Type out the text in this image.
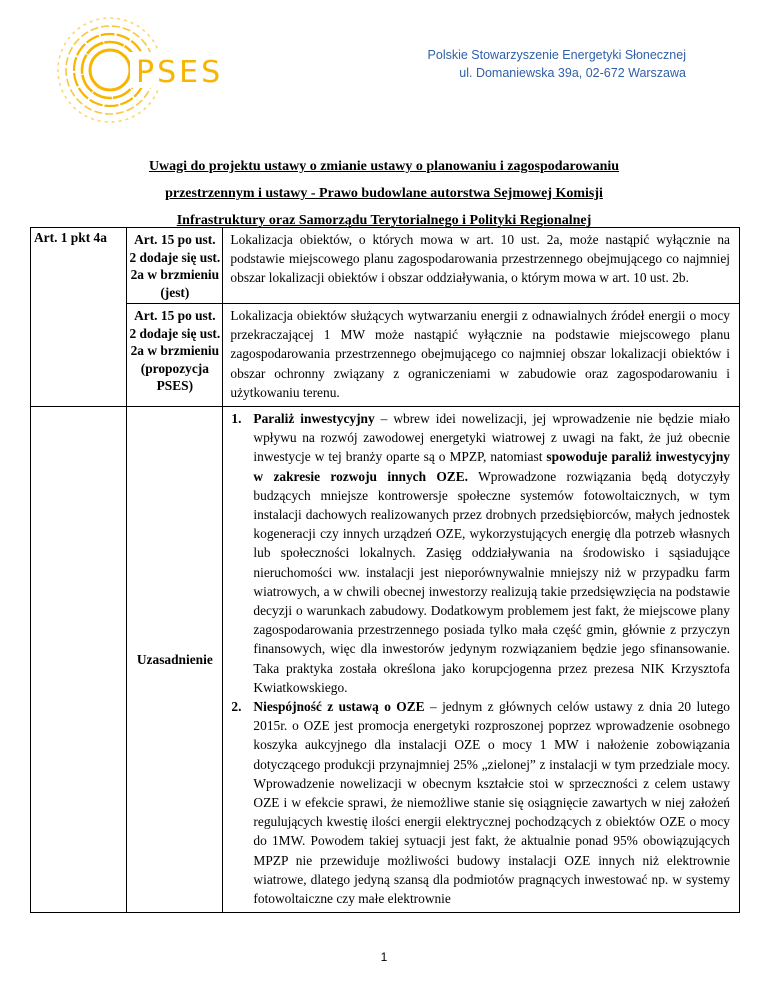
PSES	Polskie Stowarzyszenie Energetyki Słonecznej
ul. Domaniewska 39a, 02-672 Warszawa
Uwagi do projektu ustawy o zmianie ustawy o planowaniu i zagospodarowaniu
przestrzennym i ustawy - Prawo budowlane autorstwa Sejmowej Komisji
Infrastruktury oraz Samorządu Terytorialnego i Polityki Regionalnej
Art. 1 pkt 4a	Art. 15 po ust. 2 dodaje się ust. 2a w brzmieniu (jest)	Lokalizacja obiektów, o których mowa w art. 10 ust. 2a, może nastąpić wyłącznie na podstawie miejscowego planu zagospodarowania przestrzennego obejmującego co najmniej obszar lokalizacji obiektów i obszar oddziaływania, o którym mowa w art. 10 ust. 2b.
	Art. 15 po ust. 2 dodaje się ust. 2a w brzmieniu (propozycja PSES)	Lokalizacja obiektów służących wytwarzaniu energii z odnawialnych źródeł energii o mocy przekraczającej 1 MW może nastąpić wyłącznie na podstawie miejscowego planu zagospodarowania przestrzennego obejmującego co najmniej obszar lokalizacji obiektów i obszar ochronny związany z ograniczeniami w zabudowie oraz zagospodarowaniu i użytkowaniu terenu.
	Uzasadnienie	1. Paraliż inwestycyjny – wbrew idei nowelizacji, jej wprowadzenie nie będzie miało wpływu na rozwój zawodowej energetyki wiatrowej z uwagi na fakt, że już obecnie inwestycje w tej branży oparte są o MPZP, natomiast spowoduje paraliż inwestycyjny w zakresie rozwoju innych OZE. Wprowadzone rozwiązania będą dotyczyły budzących mniejsze kontrowersje społeczne systemów fotowoltaicznych, w tym instalacji dachowych realizowanych przez drobnych przedsiębiorców, małych jednostek kogeneracji czy innych urządzeń OZE, wykorzystujących energię dla potrzeb własnych lub społeczności lokalnych. Zasięg oddziaływania na środowisko i sąsiadujące nieruchomości ww. instalacji jest nieporównywalnie mniejszy niż w przypadku farm wiatrowych, a w chwili obecnej inwestorzy realizują takie przedsięwzięcia na podstawie decyzji o warunkach zabudowy. Dodatkowym problemem jest fakt, że miejscowe plany zagospodarowania przestrzennego posiada tylko mała część gmin, głównie z przyczyn finansowych, więc dla inwestorów jedynym rozwiązaniem będzie jego sfinansowanie. Taka praktyka została określona jako korupcjogenna przez prezesa NIK Krzysztofa Kwiatkowskiego.
2. Niespójność z ustawą o OZE – jednym z głównych celów ustawy z dnia 20 lutego 2015r. o OZE jest promocja energetyki rozproszonej poprzez wprowadzenie osobnego koszyka aukcyjnego dla instalacji OZE o mocy 1 MW i nałożenie zobowiązania dotyczącego produkcji przynajmniej 25% „zielonej” z instalacji w tym przedziale mocy. Wprowadzenie nowelizacji w obecnym kształcie stoi w sprzeczności z celem ustawy OZE i w efekcie sprawi, że niemożliwe stanie się osiągnięcie zawartych w niej założeń regulujących kwestię ilości energii elektrycznej pochodzących z obiektów OZE o mocy do 1MW. Powodem takiej sytuacji jest fakt, że aktualnie ponad 95% obowiązujących MPZP nie przewiduje możliwości budowy instalacji OZE innych niż elektrownie wiatrowe, dlatego jedyną szansą dla podmiotów pragnących inwestować np. w systemy fotowoltaiczne czy małe elektrownie
1
